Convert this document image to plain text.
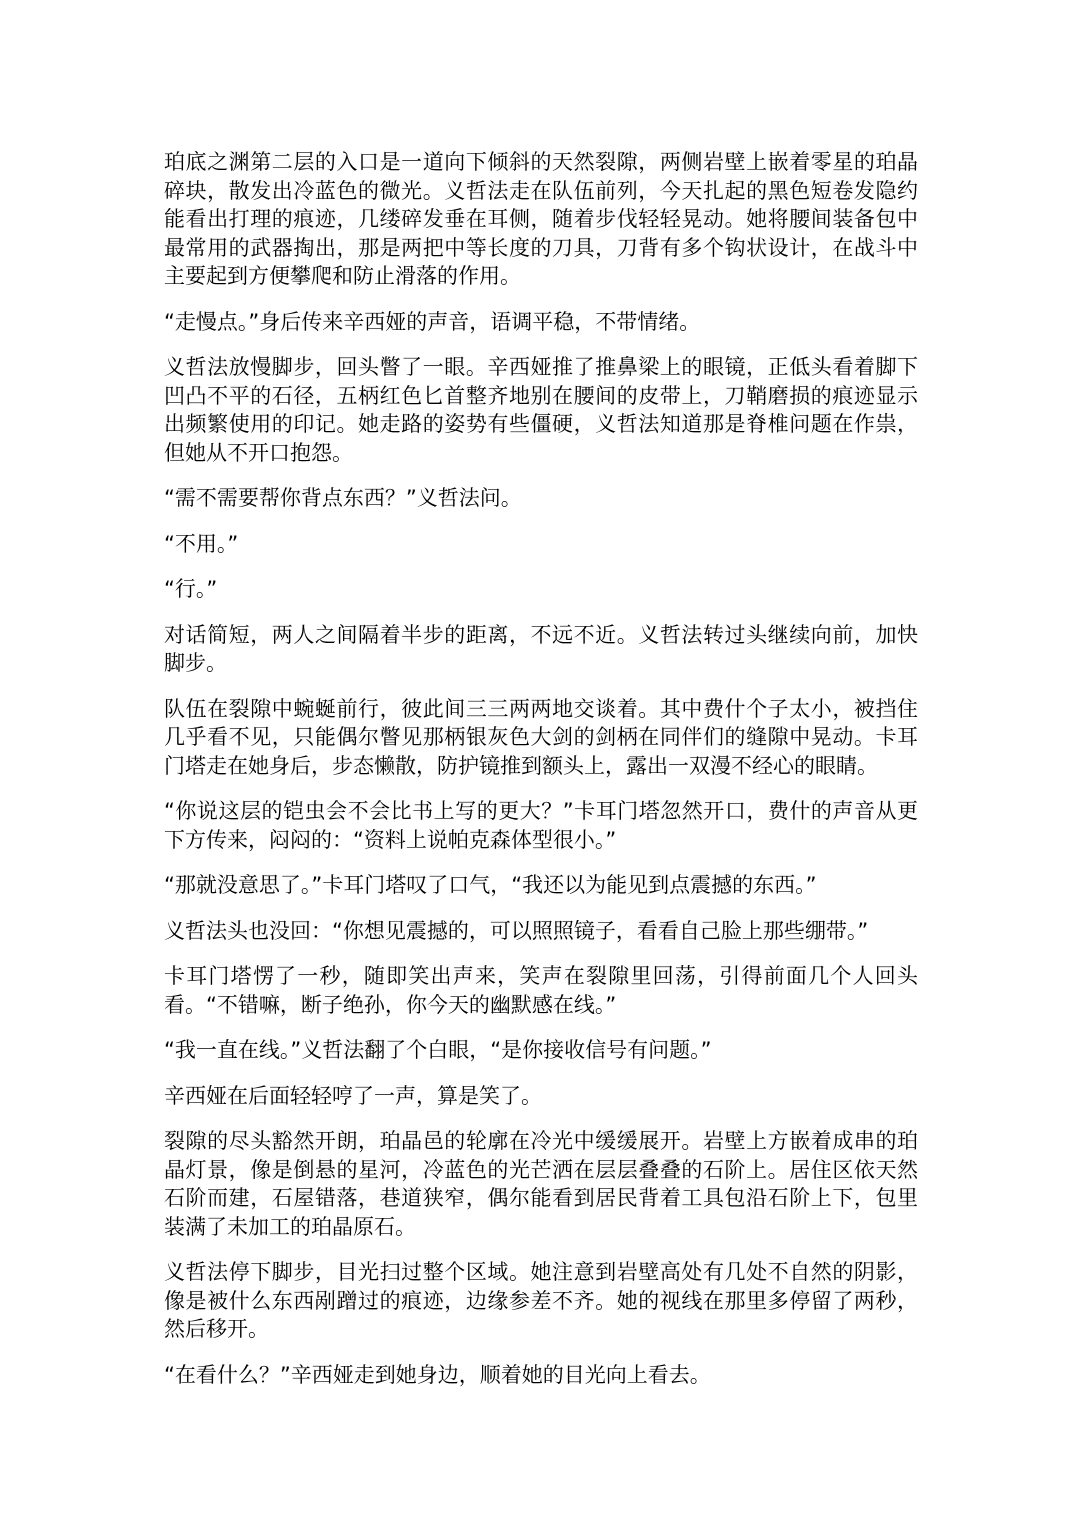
珀底之渊第二层的入口是一道向下倾斜的天然裂隙，两侧岩壁上嵌着零星的珀晶碎块，散发出冷蓝色的微光。义哲法走在队伍前列，今天扎起的黑色短卷发隐约能看出打理的痕迹，几缕碎发垂在耳侧，随着步伐轻轻晃动。她将腰间装备包中最常用的武器掏出，那是两把中等长度的刀具，刀背有多个钩状设计，在战斗中主要起到方便攀爬和防止滑落的作用。

“走慢点。”身后传来辛西娅的声音，语调平稳，不带情绪。

义哲法放慢脚步，回头瞥了一眼。辛西娅推了推鼻梁上的眼镜，正低头看着脚下凹凸不平的石径，五柄红色匕首整齐地别在腰间的皮带上，刀鞘磨损的痕迹显示出频繁使用的印记。她走路的姿势有些僵硬，义哲法知道那是脊椎问题在作祟，但她从不开口抱怨。

“需不需要帮你背点东西？”义哲法问。

“不用。”

“行。”

对话简短，两人之间隔着半步的距离，不远不近。义哲法转过头继续向前，加快脚步。

队伍在裂隙中蜿蜒前行，彼此间三三两两地交谈着。其中费什个子太小，被挡住几乎看不见，只能偶尔瞥见那柄银灰色大剑的剑柄在同伴们的缝隙中晃动。卡耳门塔走在她身后，步态懒散，防护镜推到额头上，露出一双漫不经心的眼睛。

“你说这层的铠虫会不会比书上写的更大？”卡耳门塔忽然开口，费什的声音从更下方传来，闷闷的：“资料上说帕克森体型很小。”

“那就没意思了。”卡耳门塔叹了口气，“我还以为能见到点震撼的东西。”

义哲法头也没回：“你想见震撼的，可以照照镜子，看看自己脸上那些绷带。”

卡耳门塔愣了一秒，随即笑出声来，笑声在裂隙里回荡，引得前面几个人回头看。“不错嘛，断子绝孙，你今天的幽默感在线。”

“我一直在线。”义哲法翻了个白眼，“是你接收信号有问题。”

辛西娅在后面轻轻哼了一声，算是笑了。

裂隙的尽头豁然开朗，珀晶邑的轮廓在冷光中缓缓展开。岩壁上方嵌着成串的珀晶灯景，像是倒悬的星河，冷蓝色的光芒洒在层层叠叠的石阶上。居住区依天然石阶而建，石屋错落，巷道狭窄，偶尔能看到居民背着工具包沿石阶上下，包里装满了未加工的珀晶原石。

义哲法停下脚步，目光扫过整个区域。她注意到岩壁高处有几处不自然的阴影，像是被什么东西剐蹭过的痕迹，边缘参差不齐。她的视线在那里多停留了两秒，然后移开。

“在看什么？”辛西娅走到她身边，顺着她的目光向上看去。
